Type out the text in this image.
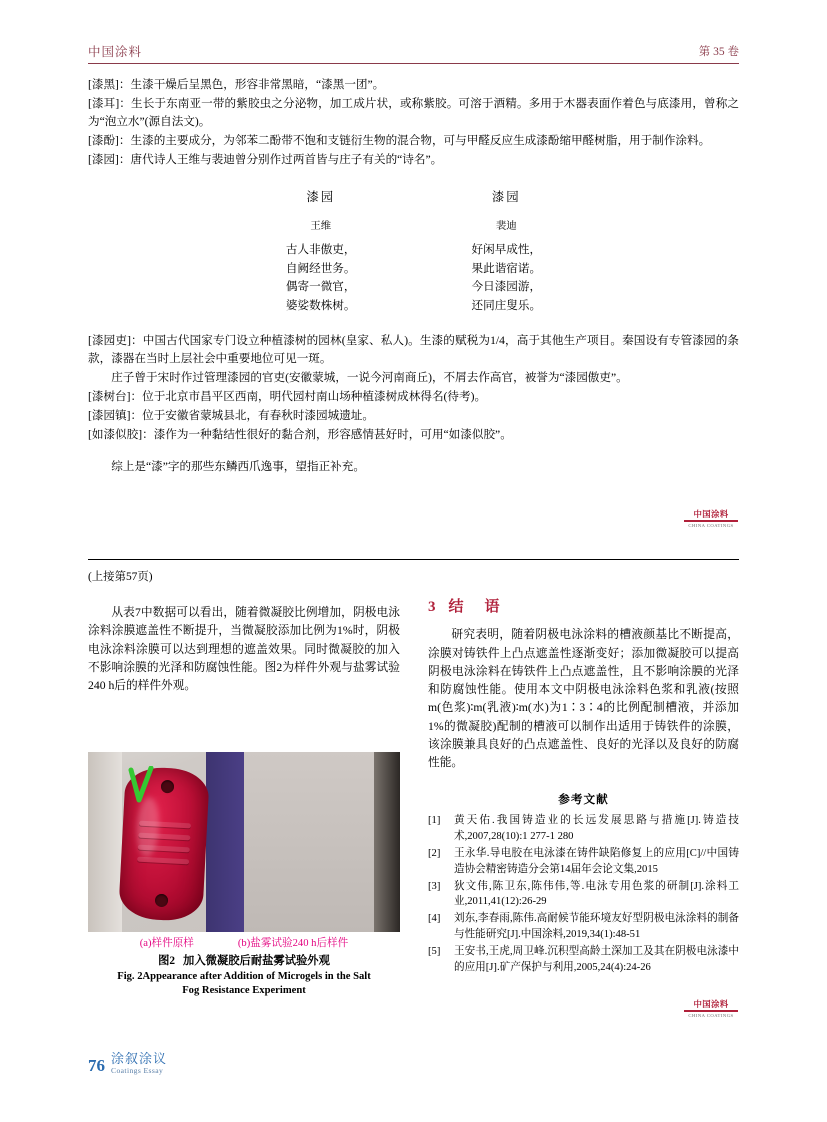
中国涂料	第 35 卷

[漆黑]：生漆干燥后呈黑色，形容非常黑暗，“漆黑一团”。

[漆耳]：生长于东南亚一带的紫胶虫之分泌物，加工成片状，或称紫胶。可溶于酒精。多用于木器表面作着色与底漆用，曾称之为“泡立水”(源自法文)。

[漆酚]：生漆的主要成分，为邻苯二酚带不饱和支链衍生物的混合物，可与甲醛反应生成漆酚缩甲醛树脂，用于制作涂料。

[漆园]：唐代诗人王维与裴迪曾分别作过两首皆与庄子有关的“诗名”。

漆园
王维
古人非傲吏，
自阙经世务。
偶寄一微官，
婆娑数株树。
漆园
裴迪
好闲早成性，
果此谐宿诺。
今日漆园游，
还同庄叟乐。

[漆园吏]：中国古代国家专门设立种植漆树的园林(皇家、私人)。生漆的赋税为1/4，高于其他生产项目。秦国设有专管漆园的条款，漆器在当时上层社会中重要地位可见一斑。

庄子曾于宋时作过管理漆园的官吏(安徽蒙城，一说今河南商丘)，不屑去作高官，被誉为“漆园傲吏”。

[漆树台]：位于北京市昌平区西南，明代园村南山场种植漆树成林得名(待考)。

[漆园镇]：位于安徽省蒙城县北，有春秋时漆园城遗址。

[如漆似胶]：漆作为一种黏结性很好的黏合剂，形容感情甚好时，可用“如漆似胶”。

综上是“漆”字的那些东鳞西爪逸事，望指正补充。

中国涂料
CHINA COATINGS
(上接第57页)

从表7中数据可以看出，随着微凝胶比例增加，阴极电泳涂料涂膜遮盖性不断提升，当微凝胶添加比例为1%时，阴极电泳涂料涂膜可以达到理想的遮盖效果。同时微凝胶的加入不影响涂膜的光泽和防腐蚀性能。图2为样件外观与盐雾试验240 h后的样件外观。

(a)样件原样	(b)盐雾试验240 h后样件
图2 加入微凝胶后耐盐雾试验外观
Fig. 2Appearance after Addition of Microgels in the Salt
Fog Resistance Experiment
3 结　语

研究表明，随着阴极电泳涂料的槽液颜基比不断提高，涂膜对铸铁件上凸点遮盖性逐渐变好；添加微凝胶可以提高阴极电泳涂料在铸铁件上凸点遮盖性，且不影响涂膜的光泽和防腐蚀性能。使用本文中阴极电泳涂料色浆和乳液(按照m(色浆)∶m(乳液)∶m(水)为1∶3∶4的比例配制槽液，并添加1%的微凝胶)配制的槽液可以制作出适用于铸铁件的涂膜，该涂膜兼具良好的凸点遮盖性、良好的光泽以及良好的防腐性能。

参考文献
[1]	黄天佑.我国铸造业的长远发展思路与措施[J].铸造技术,2007,28(10):1 277-1 280
[2]	王永华.导电胶在电泳漆在铸件缺陷修复上的应用[C]//中国铸造协会精密铸造分会第14届年会论文集,2015
[3]	狄文伟,陈卫东,陈伟伟,等.电泳专用色浆的研制[J].涂料工业,2011,41(12):26-29
[4]	刘东,李春雨,陈伟.高耐候节能环境友好型阴极电泳涂料的制备与性能研究[J].中国涂料,2019,34(1):48-51
[5]	王安书,王虎,周卫峰.沉积型高龄土深加工及其在阴极电泳漆中的应用[J].矿产保护与利用,2005,24(4):24-26
中国涂料
CHINA COATINGS
76 涂叙涂议
Coatings Essay
